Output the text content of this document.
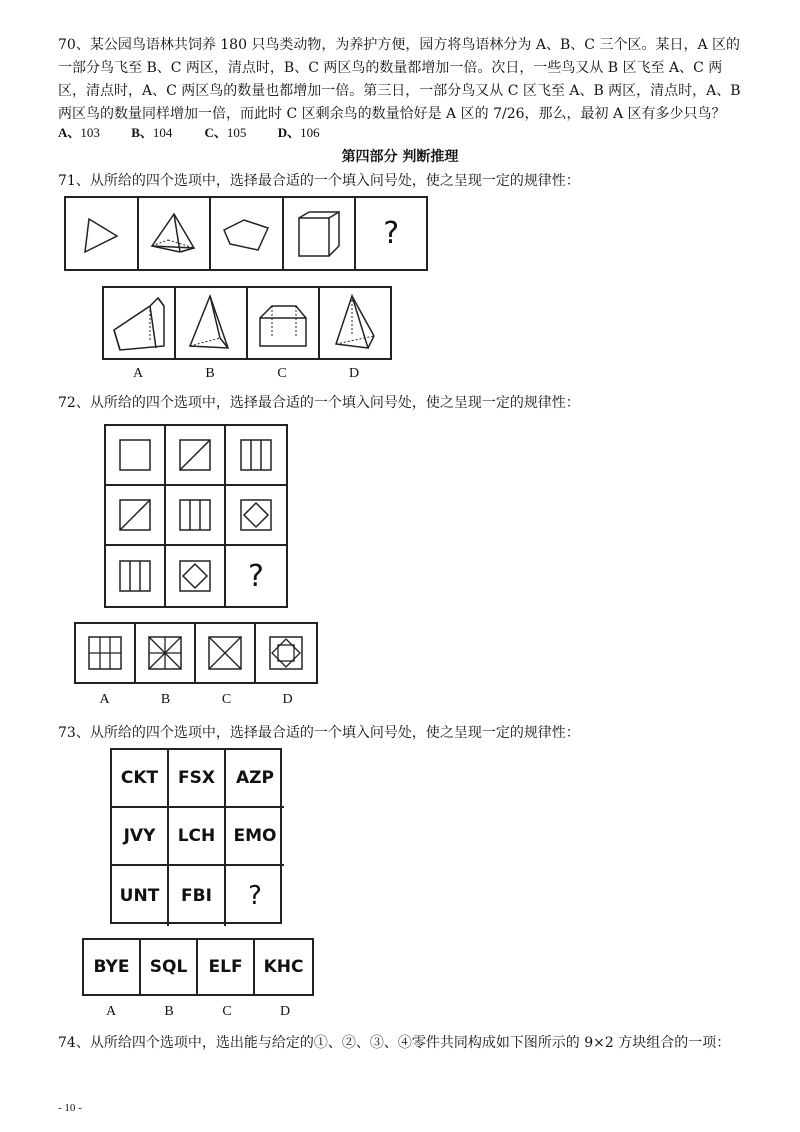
70、某公园鸟语林共饲养 180 只鸟类动物，为养护方便，园方将鸟语林分为 A、B、C 三个区。某日，A 区的一部分鸟飞至 B、C 两区，清点时，B、C 两区鸟的数量都增加一倍。次日，一些鸟又从 B 区飞至 A、C 两区，清点时，A、C 两区鸟的数量也都增加一倍。第三日，一部分鸟又从 C 区飞至 A、B 两区，清点时，A、B 两区鸟的数量同样增加一倍，而此时 C 区剩余鸟的数量恰好是 A 区的 7/26，那么，最初 A 区有多少只鸟？
A、103 B、104 C、105 D、106
第四部分 判断推理
71、从所给的四个选项中，选择最合适的一个填入问号处，使之呈现一定的规律性：
?
A	B	C	D
72、从所给的四个选项中，选择最合适的一个填入问号处，使之呈现一定的规律性：
?
A	B	C	D
73、从所给的四个选项中，选择最合适的一个填入问号处，使之呈现一定的规律性：
CKT	FSX	AZP
JVY	LCH	EMO
UNT	FBI	?
BYE	SQL	ELF	KHC
A	B	C	D
74、从所给四个选项中，选出能与给定的①、②、③、④零件共同构成如下图所示的 9×2 方块组合的一项：
- 10 -
